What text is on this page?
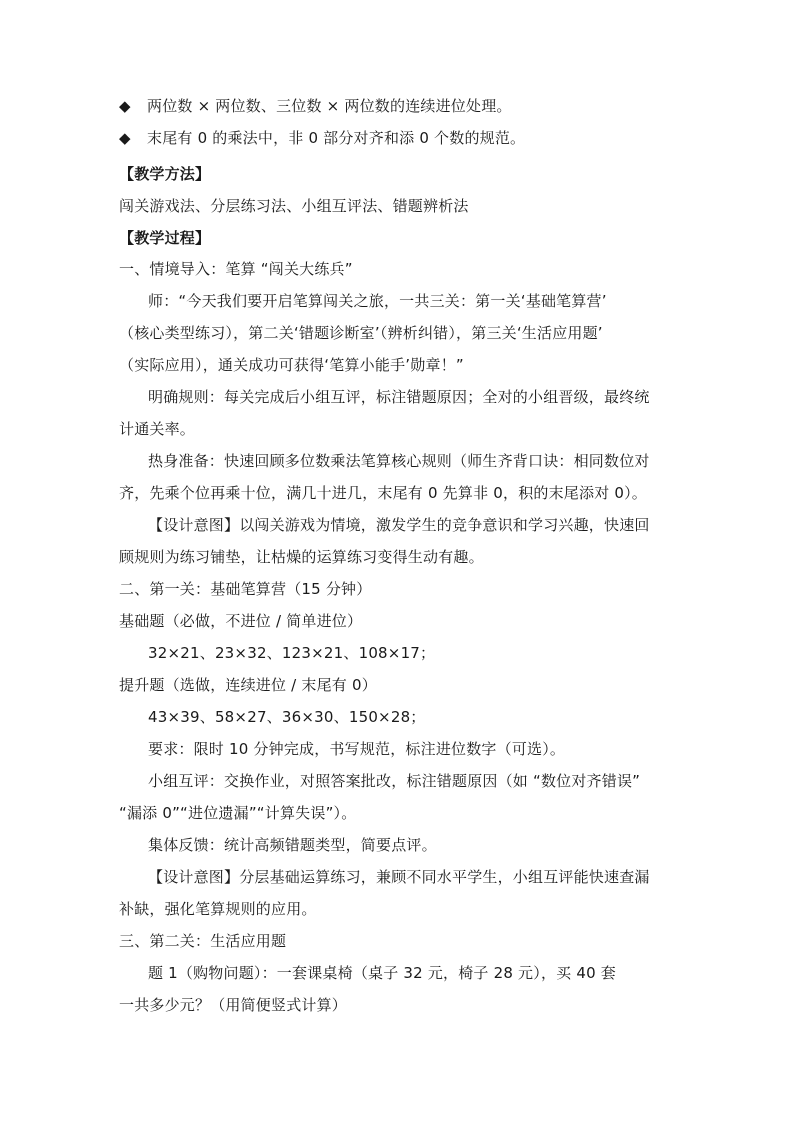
◆ 两位数 × 两位数、三位数 × 两位数的连续进位处理。
◆ 末尾有 0 的乘法中，非 0 部分对齐和添 0 个数的规范。
【教学方法】
闯关游戏法、分层练习法、小组互评法、错题辨析法
【教学过程】
一、情境导入：笔算 “闯关大练兵”
师：“今天我们要开启笔算闯关之旅，一共三关：第一关‘基础笔算营’
（核心类型练习），第二关‘错题诊断室’（辨析纠错），第三关‘生活应用题’
（实际应用），通关成功可获得‘笔算小能手’勋章！”
明确规则：每关完成后小组互评，标注错题原因；全对的小组晋级，最终统
计通关率。
热身准备：快速回顾多位数乘法笔算核心规则（师生齐背口诀：相同数位对
齐，先乘个位再乘十位，满几十进几，末尾有 0 先算非 0，积的末尾添对 0）。
【设计意图】以闯关游戏为情境，激发学生的竞争意识和学习兴趣，快速回
顾规则为练习铺垫，让枯燥的运算练习变得生动有趣。
二、第一关：基础笔算营（15 分钟）
基础题（必做，不进位 / 简单进位）
32×21、23×32、123×21、108×17；
提升题（选做，连续进位 / 末尾有 0）
43×39、58×27、36×30、150×28；
要求：限时 10 分钟完成，书写规范，标注进位数字（可选）。
小组互评：交换作业，对照答案批改，标注错题原因（如 “数位对齐错误”
“漏添 0”“进位遗漏”“计算失误”）。
集体反馈：统计高频错题类型，简要点评。
【设计意图】分层基础运算练习，兼顾不同水平学生，小组互评能快速查漏
补缺，强化笔算规则的应用。
三、第二关：生活应用题
题 1（购物问题）：一套课桌椅（桌子 32 元，椅子 28 元），买 40 套
一共多少元？（用简便竖式计算）
